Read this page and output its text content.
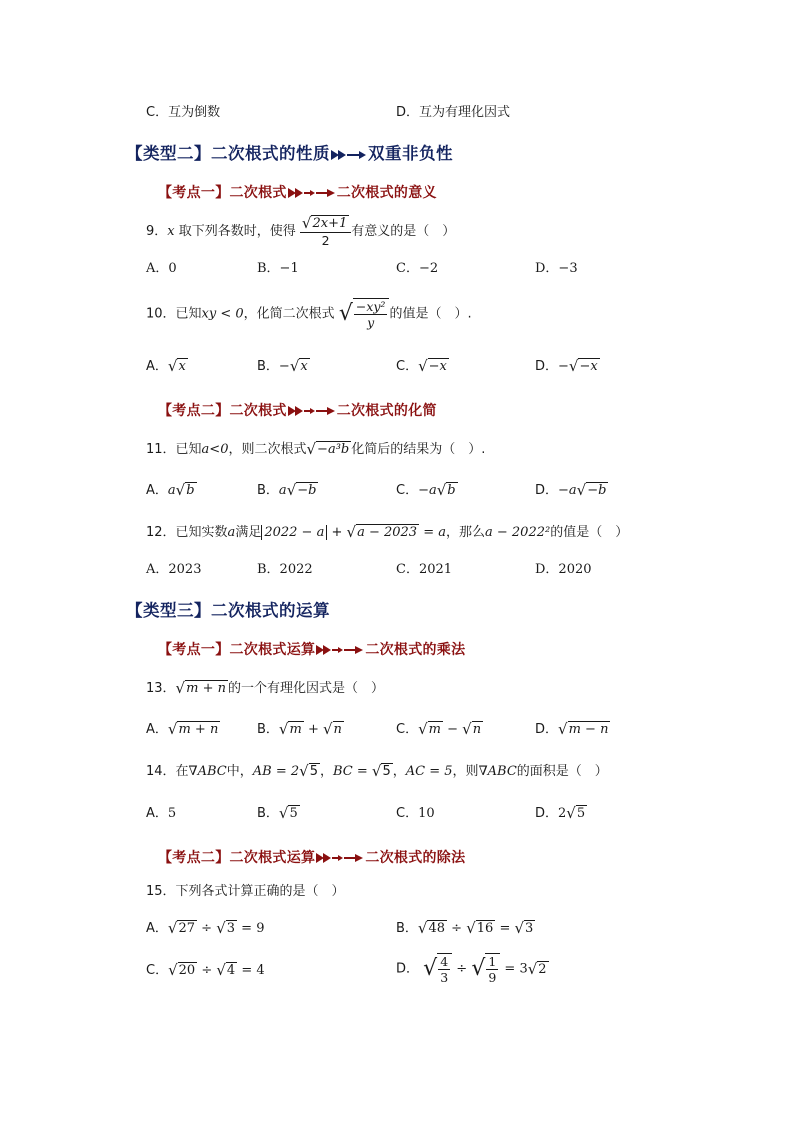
C．互为倒数	D．互为有理化因式
【类型二】二次根式的性质 双重非负性
【考点一】二次根式	二次根式的意义
9．x 取下列各数时，使得 $\frac{√ 2x+1}{2}$ 有意义的是（　）
A．0	B．−1	C．−2	D．−3
10．已知xy < 0，化简二次根式 √ $\frac{\text{−xy²}}{y}$ 的值是（　）.
A． √ x	B．− √ x	C． √ −x	D．− √ −x
【考点二】二次根式	二次根式的化简
11．已知a<0，则二次根式 √ −a³b 化简后的结果为（　）.
A．a √ b	B．a √ −b	C．−a √ b	D．−a √ −b
12．已知实数a满足 2022 − a + √ a − 2023 = a，那么a − 2022²的值是（　）
A．2023	B．2022	C．2021	D．2020
【类型三】二次根式的运算
【考点一】二次根式运算	二次根式的乘法
13． √ m + n 的一个有理化因式是（　）
A． √ m + n	B． √ m + √ n	C． √ m − √ n	D． √ m − n
14．在∇ABC中，AB = 2 √ 5 ，BC = √ 5 ，AC = 5，则∇ABC的面积是（　）
A．5	B． √ 5	C．10	D．2 √ 5
【考点二】二次根式运算	二次根式的除法
15．下列各式计算正确的是（　）
A． √ 27 ÷ √ 3 = 9	B． √ 48 ÷ √ 16 = √ 3
C． √ 20 ÷ √ 4 = 4	D． √ $\frac{4}{3}$ ÷ √ $\frac{1}{9} = 3$ √ 2
